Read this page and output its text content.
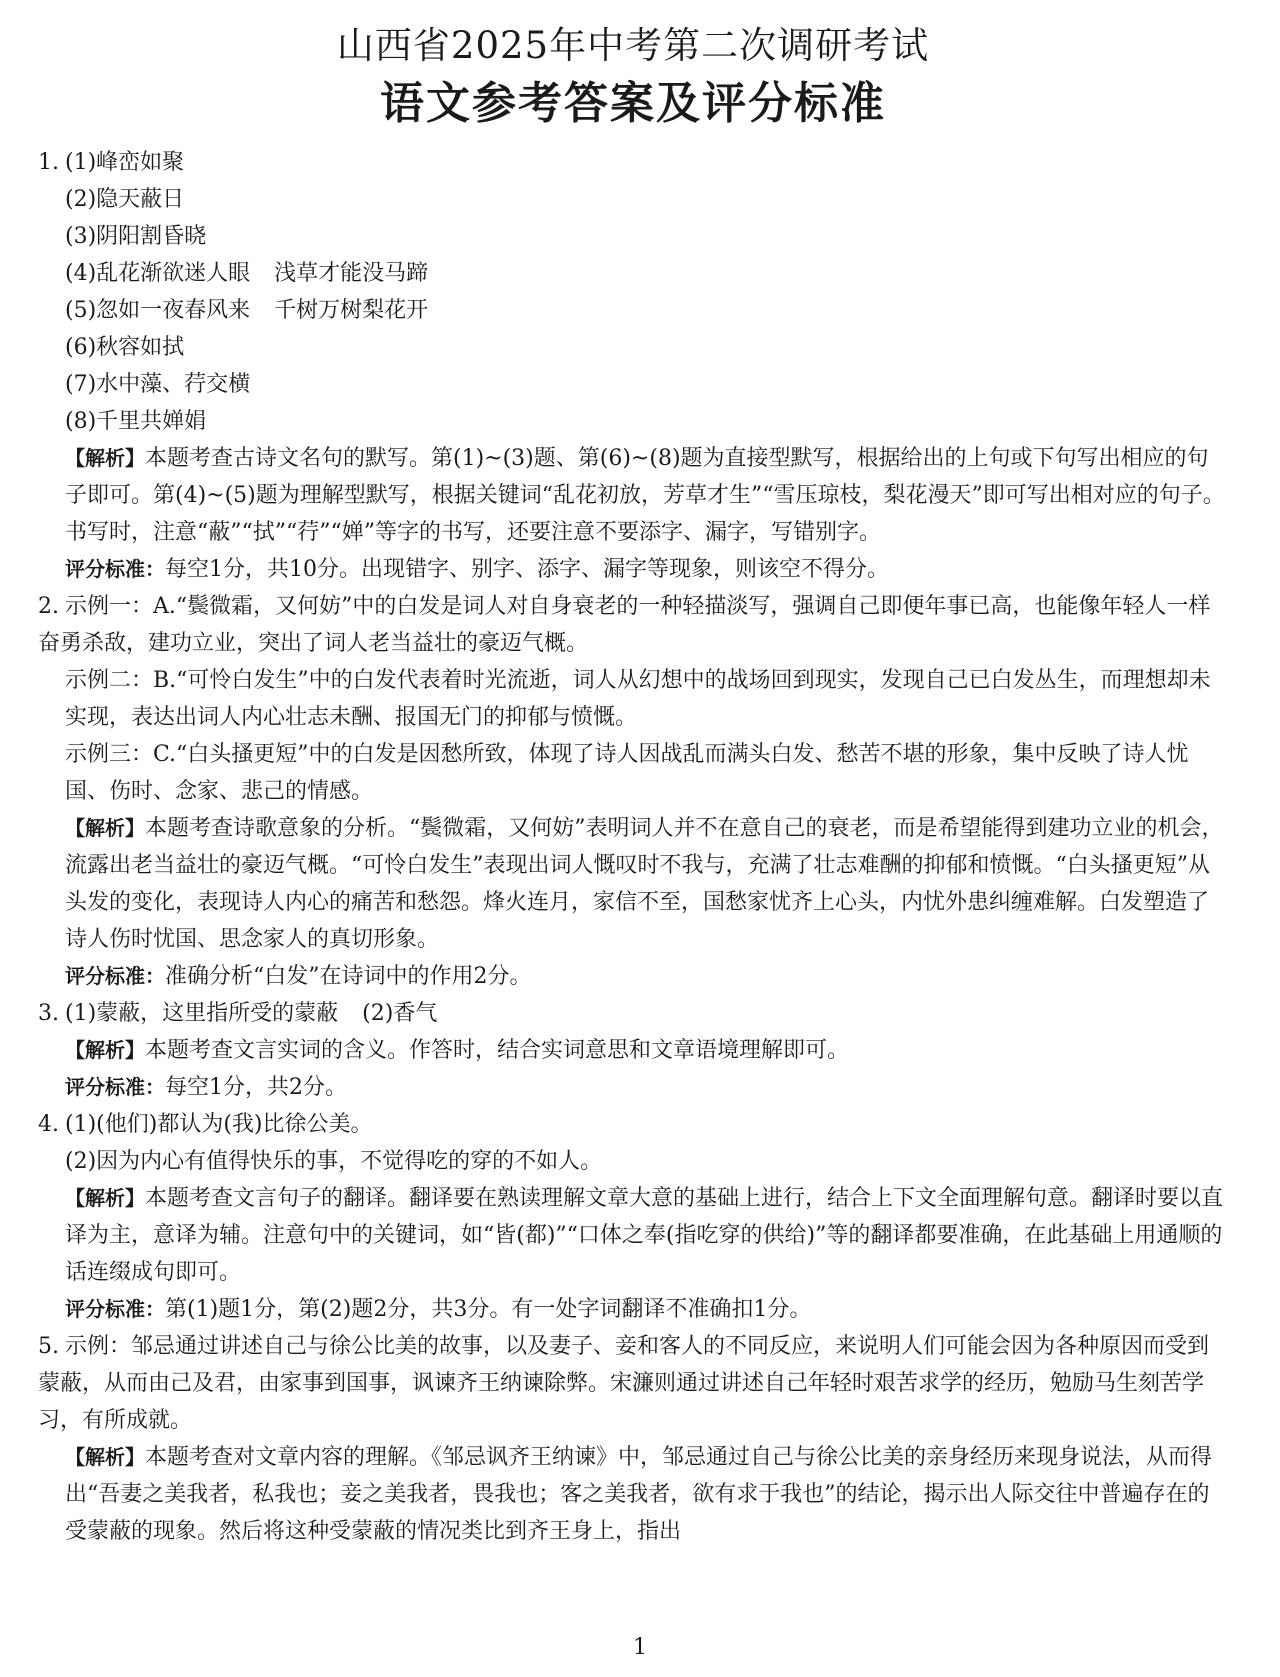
山西省2025年中考第二次调研考试
语文参考答案及评分标准

1. (1)峰峦如聚

(2)隐天蔽日

(3)阴阳割昏晓

(4)乱花渐欲迷人眼 浅草才能没马蹄

(5)忽如一夜春风来 千树万树梨花开

(6)秋容如拭

(7)水中藻、荇交横

(8)千里共婵娟

【解析】本题考查古诗文名句的默写。第(1)~(3)题、第(6)~(8)题为直接型默写，根据给出的上句或下句写出相应的句子即可。第(4)~(5)题为理解型默写，根据关键词“乱花初放，芳草才生”“雪压琼枝，梨花漫天”即可写出相对应的句子。书写时，注意“蔽”“拭”“荇”“婵”等字的书写，还要注意不要添字、漏字，写错别字。

评分标准：每空1分，共10分。出现错字、别字、添字、漏字等现象，则该空不得分。

2. 示例一：A.“鬓微霜，又何妨”中的白发是词人对自身衰老的一种轻描淡写，强调自己即便年事已高，也能像年轻人一样奋勇杀敌，建功立业，突出了词人老当益壮的豪迈气概。

示例二：B.“可怜白发生”中的白发代表着时光流逝，词人从幻想中的战场回到现实，发现自己已白发丛生，而理想却未实现，表达出词人内心壮志未酬、报国无门的抑郁与愤慨。

示例三：C.“白头搔更短”中的白发是因愁所致，体现了诗人因战乱而满头白发、愁苦不堪的形象，集中反映了诗人忧国、伤时、念家、悲己的情感。

【解析】本题考查诗歌意象的分析。“鬓微霜，又何妨”表明词人并不在意自己的衰老，而是希望能得到建功立业的机会，流露出老当益壮的豪迈气概。“可怜白发生”表现出词人慨叹时不我与，充满了壮志难酬的抑郁和愤慨。“白头搔更短”从头发的变化，表现诗人内心的痛苦和愁怨。烽火连月，家信不至，国愁家忧齐上心头，内忧外患纠缠难解。白发塑造了诗人伤时忧国、思念家人的真切形象。

评分标准：准确分析“白发”在诗词中的作用2分。

3. (1)蒙蔽，这里指所受的蒙蔽 (2)香气

【解析】本题考查文言实词的含义。作答时，结合实词意思和文章语境理解即可。

评分标准：每空1分，共2分。

4. (1)(他们)都认为(我)比徐公美。

(2)因为内心有值得快乐的事，不觉得吃的穿的不如人。

【解析】本题考查文言句子的翻译。翻译要在熟读理解文章大意的基础上进行，结合上下文全面理解句意。翻译时要以直译为主，意译为辅。注意句中的关键词，如“皆(都)”“口体之奉(指吃穿的供给)”等的翻译都要准确，在此基础上用通顺的话连缀成句即可。

评分标准：第(1)题1分，第(2)题2分，共3分。有一处字词翻译不准确扣1分。

5. 示例：邹忌通过讲述自己与徐公比美的故事，以及妻子、妾和客人的不同反应，来说明人们可能会因为各种原因而受到蒙蔽，从而由己及君，由家事到国事，讽谏齐王纳谏除弊。宋濂则通过讲述自己年轻时艰苦求学的经历，勉励马生刻苦学习，有所成就。

【解析】本题考查对文章内容的理解。《邹忌讽齐王纳谏》中，邹忌通过自己与徐公比美的亲身经历来现身说法，从而得出“吾妻之美我者，私我也；妾之美我者，畏我也；客之美我者，欲有求于我也”的结论，揭示出人际交往中普遍存在的受蒙蔽的现象。然后将这种受蒙蔽的情况类比到齐王身上，指出

1
